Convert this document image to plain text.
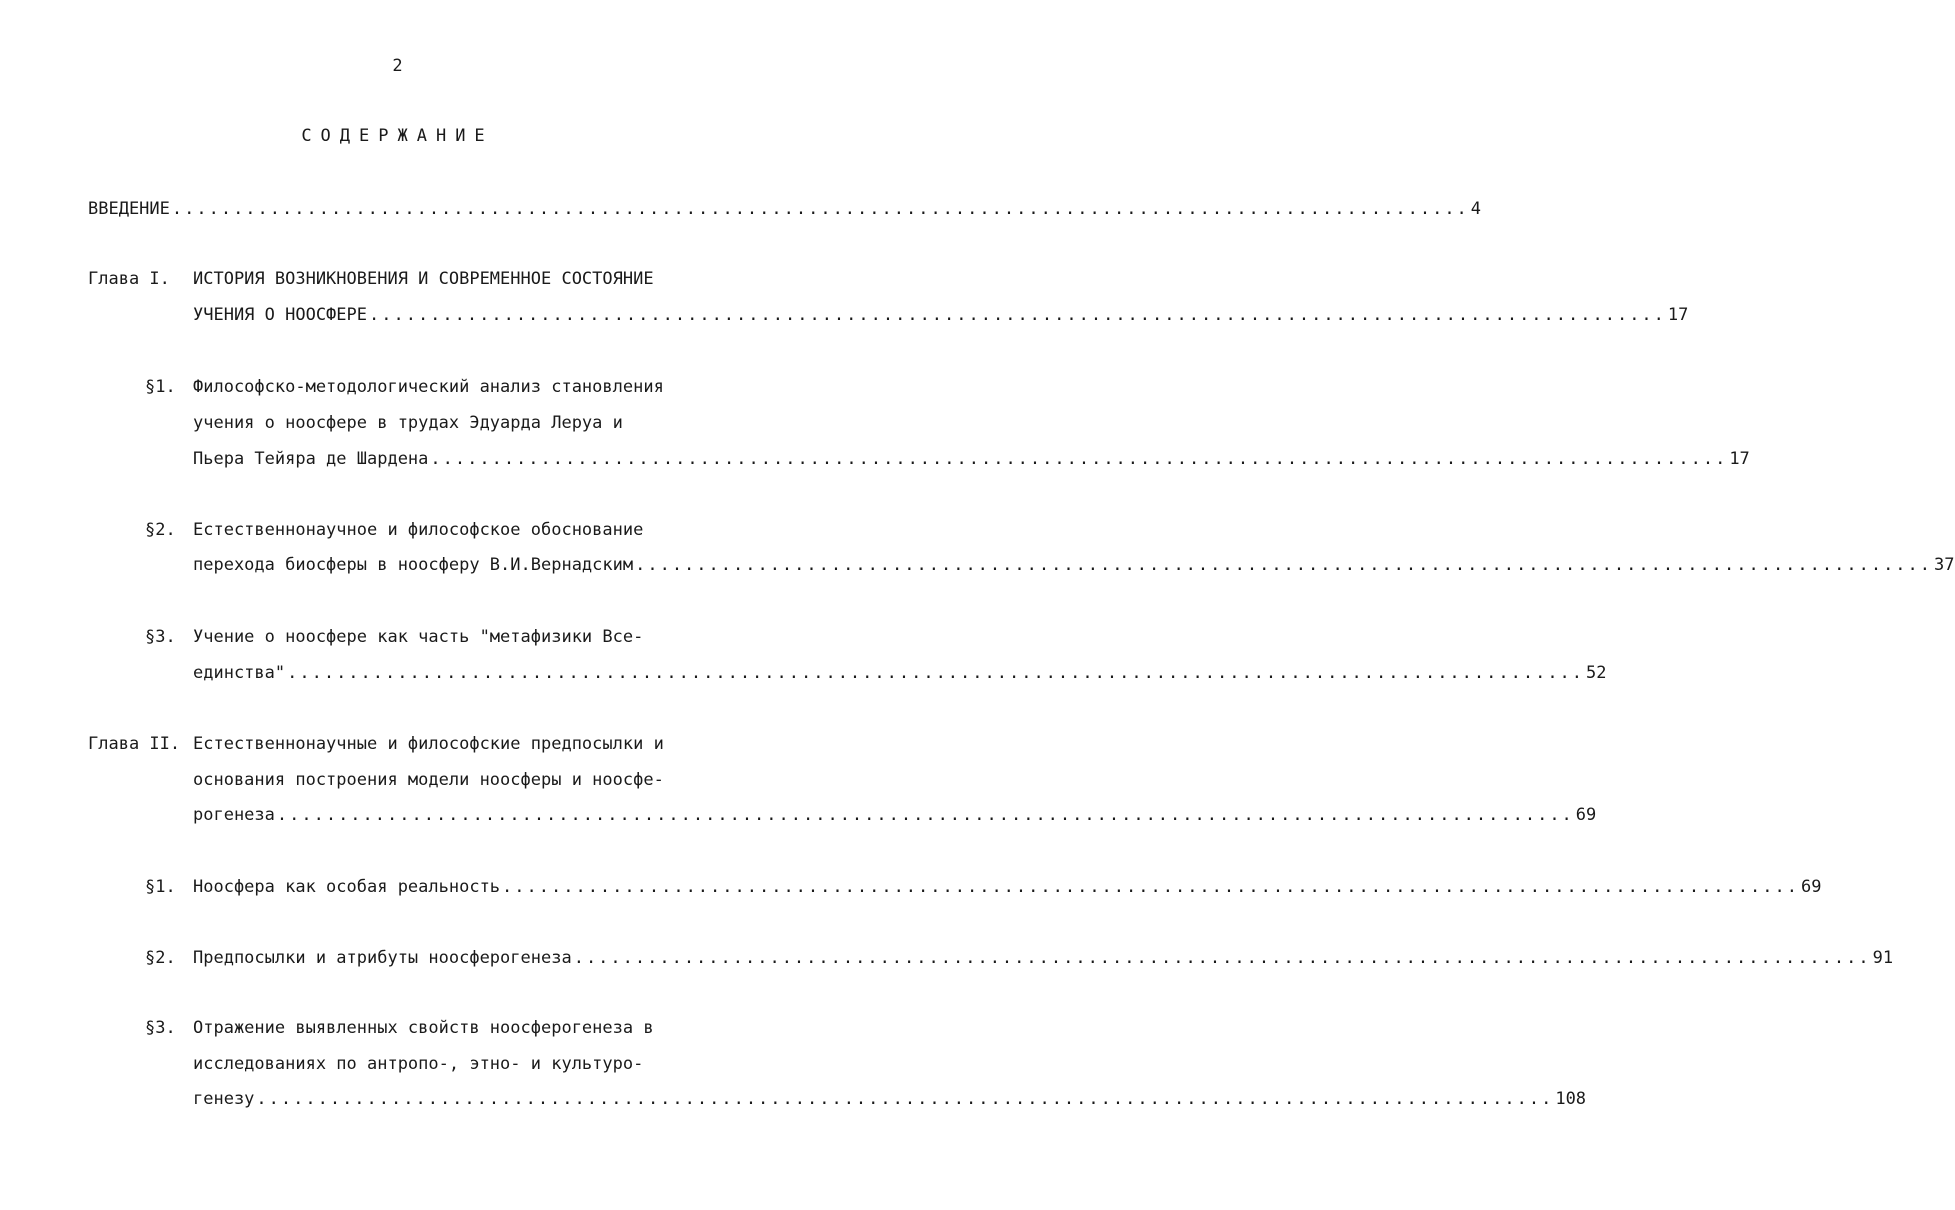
2
СОДЕРЖАНИЕ
ВВЕДЕНИЕ .......................................................................................................... 4
Глава I. ИСТОРИЯ ВОЗНИКНОВЕНИЯ И СОВРЕМЕННОЕ СОСТОЯНИЕ
УЧЕНИЯ О НООСФЕРЕ .......................................................................................................... 17
§1. Философско-методологический анализ становления
учения о ноосфере в трудах Эдуарда Леруа и
Пьера Тейяра де Шардена .......................................................................................................... 17
§2. Естественнонаучное и философское обоснование
перехода биосферы в ноосферу В.И.Вернадским .......................................................................................................... 37
§3. Учение о ноосфере как часть "метафизики Все-
единства" .......................................................................................................... 52
Глава II. Естественнонаучные и философские предпосылки и
основания построения модели ноосферы и ноосфе-
рогенеза .......................................................................................................... 69
§1. Ноосфера как особая реальность .......................................................................................................... 69
§2. Предпосылки и атрибуты ноосферогенеза .......................................................................................................... 91
§3. Отражение выявленных свойств ноосферогенеза в
исследованиях по антропо-, этно- и культуро-
генезу .......................................................................................................... 108
